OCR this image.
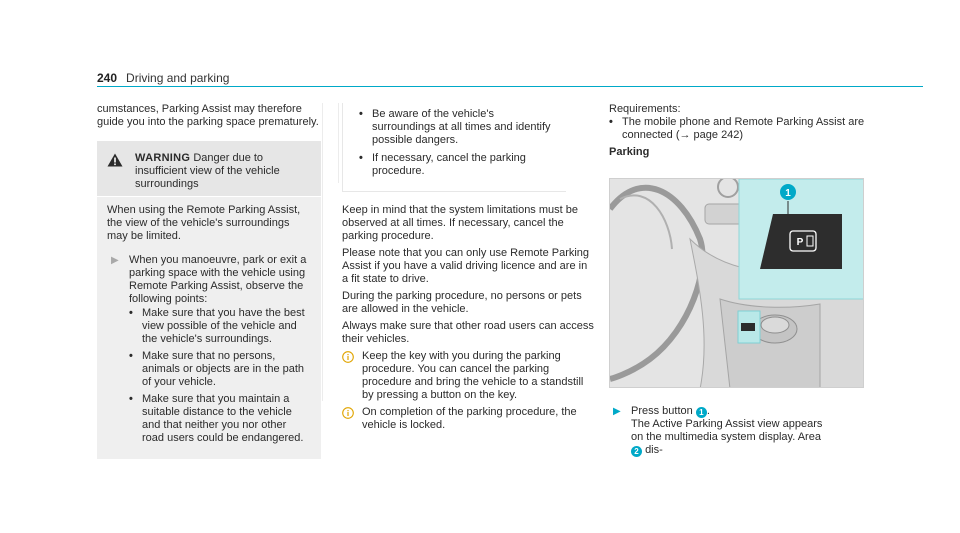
240 Driving and parking

cumstances, Parking Assist may therefore guide you into the parking space prematurely.

WARNING Danger due to insufficient view of the vehicle surroundings

When using the Remote Parking Assist, the view of the vehicle's surroundings may be limited.

▶ When you manoeuvre, park or exit a parking space with the vehicle using Remote Parking Assist, observe the following points:
• Make sure that you have the best view possible of the vehicle and the vehicle's surroundings.
• Make sure that no persons, animals or objects are in the path of your vehicle.
• Make sure that you maintain a suitable distance to the vehicle and that neither you nor other road users could be endangered.
• Be aware of the vehicle's surroundings at all times and identify possible dangers.
• If necessary, cancel the parking procedure.

Keep in mind that the system limitations must be observed at all times. If necessary, cancel the parking procedure.

Please note that you can only use Remote Parking Assist if you have a valid driving licence and are in a fit state to drive.

During the parking procedure, no persons or pets are allowed in the vehicle.

Always make sure that other road users can access their vehicles.

Keep the key with you during the parking procedure. You can cancel the parking procedure and bring the vehicle to a standstill by pressing a button on the key.
On completion of the parking procedure, the vehicle is locked.

Requirements:

• The mobile phone and Remote Parking Assist are connected (→ page 242)

Parking

1
P
▶ Press button 1 .
The Active Parking Assist view appears on the multimedia system display. Area 2 dis-
